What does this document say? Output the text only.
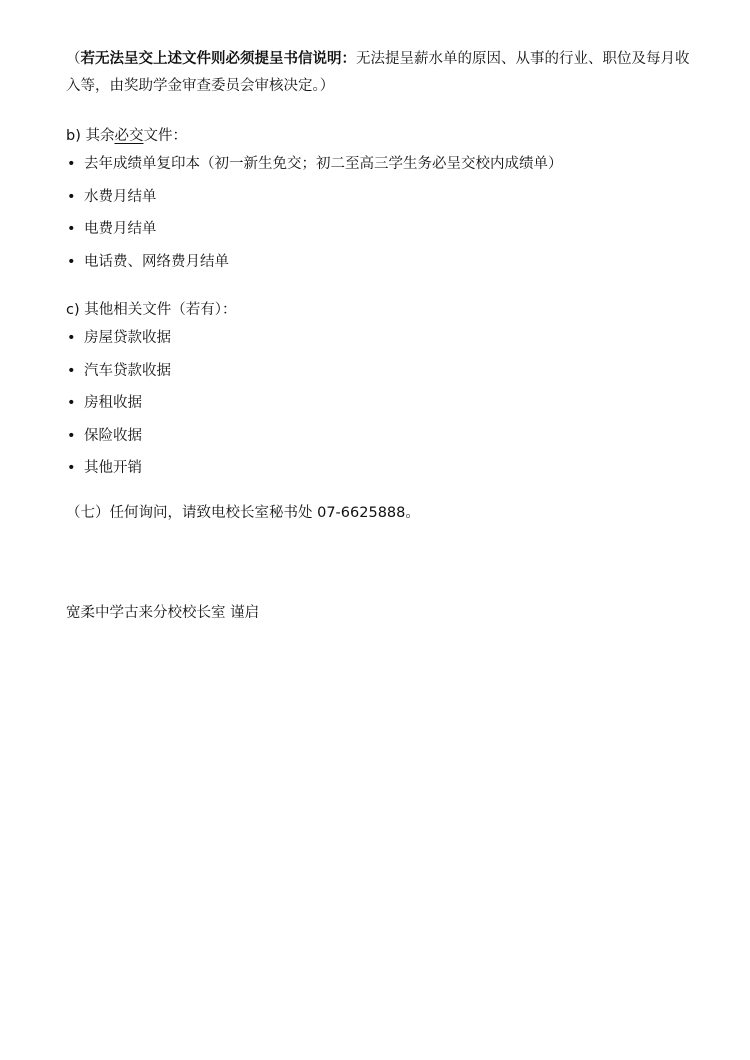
（若无法呈交上述文件则必须提呈书信说明：无法提呈薪水单的原因、从事的行业、职位及每月收入等，由奖助学金审查委员会审核决定。）

b) 其余必交文件：

• 去年成绩单复印本（初一新生免交；初二至高三学生务必呈交校内成绩单）
• 水费月结单
• 电费月结单
• 电话费、网络费月结单

c) 其他相关文件（若有）：

• 房屋贷款收据
• 汽车贷款收据
• 房租收据
• 保险收据
• 其他开销

（七）任何询问，请致电校长室秘书处 07-6625888。

宽柔中学古来分校校长室 谨启
